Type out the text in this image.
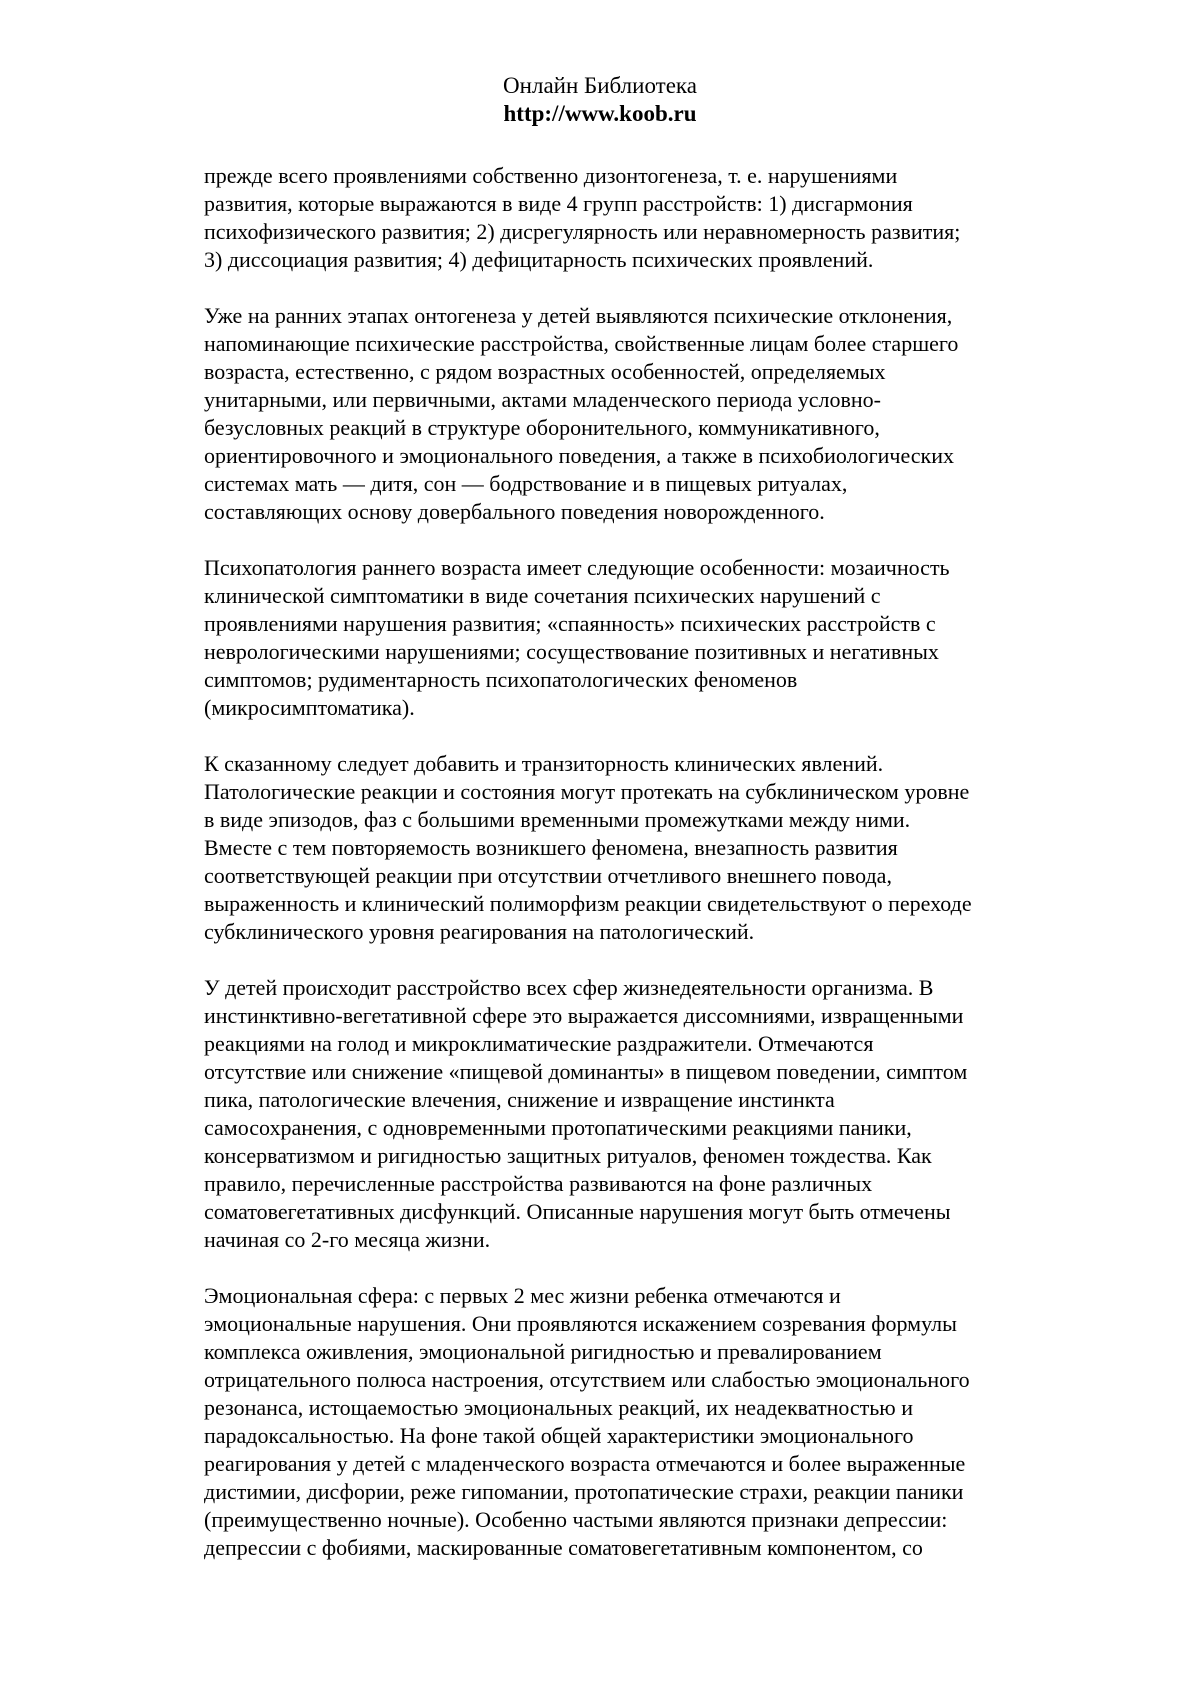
Онлайн Библиотека
http://www.koob.ru

прежде всего проявлениями собственно дизонтогенеза, т. е. нарушениями
развития, которые выражаются в виде 4 групп расстройств: 1) дисгармония
психофизического развития; 2) дисрегулярность или неравномерность развития;
3) диссоциация развития; 4) дефицитарность психических проявлений.

Уже на ранних этапах онтогенеза у детей выявляются психические отклонения,
напоминающие психические расстройства, свойственные лицам более старшего
возраста, естественно, с рядом возрастных особенностей, определяемых
унитарными, или первичными, актами младенческого периода условно-
безусловных реакций в структуре оборонительного, коммуникативного,
ориентировочного и эмоционального поведения, а также в психобиологических
системах мать — дитя, сон — бодрствование и в пищевых ритуалах,
составляющих основу довербального поведения новорожденного.

Психопатология раннего возраста имеет следующие особенности: мозаичность
клинической симптоматики в виде сочетания психических нарушений с
проявлениями нарушения развития; «спаянность» психических расстройств с
неврологическими нарушениями; сосуществование позитивных и негативных
симптомов; рудиментарность психопатологических феноменов
(микросимптоматика).

К сказанному следует добавить и транзиторность клинических явлений.
Патологические реакции и состояния могут протекать на субклиническом уровне
в виде эпизодов, фаз с большими временными промежутками между ними.
Вместе с тем повторяемость возникшего феномена, внезапность развития
соответствующей реакции при отсутствии отчетливого внешнего повода,
выраженность и клинический полиморфизм реакции свидетельствуют о переходе
субклинического уровня реагирования на патологический.

У детей происходит расстройство всех сфер жизнедеятельности организма. В
инстинктивно-вегетативной сфере это выражается диссомниями, извращенными
реакциями на голод и микроклиматические раздражители. Отмечаются
отсутствие или снижение «пищевой доминанты» в пищевом поведении, симптом
пика, патологические влечения, снижение и извращение инстинкта
самосохранения, с одновременными протопатическими реакциями паники,
консерватизмом и ригидностью защитных ритуалов, феномен тождества. Как
правило, перечисленные расстройства развиваются на фоне различных
соматовегетативных дисфункций. Описанные нарушения могут быть отмечены
начиная со 2-го месяца жизни.

Эмоциональная сфера: с первых 2 мес жизни ребенка отмечаются и
эмоциональные нарушения. Они проявляются искажением созревания формулы
комплекса оживления, эмоциональной ригидностью и превалированием
отрицательного полюса настроения, отсутствием или слабостью эмоционального
резонанса, истощаемостью эмоциональных реакций, их неадекватностью и
парадоксальностью. На фоне такой общей характеристики эмоционального
реагирования у детей с младенческого возраста отмечаются и более выраженные
дистимии, дисфории, реже гипомании, протопатические страхи, реакции паники
(преимущественно ночные). Особенно частыми являются признаки депрессии:
депрессии с фобиями, маскированные соматовегетативным компонентом, со
